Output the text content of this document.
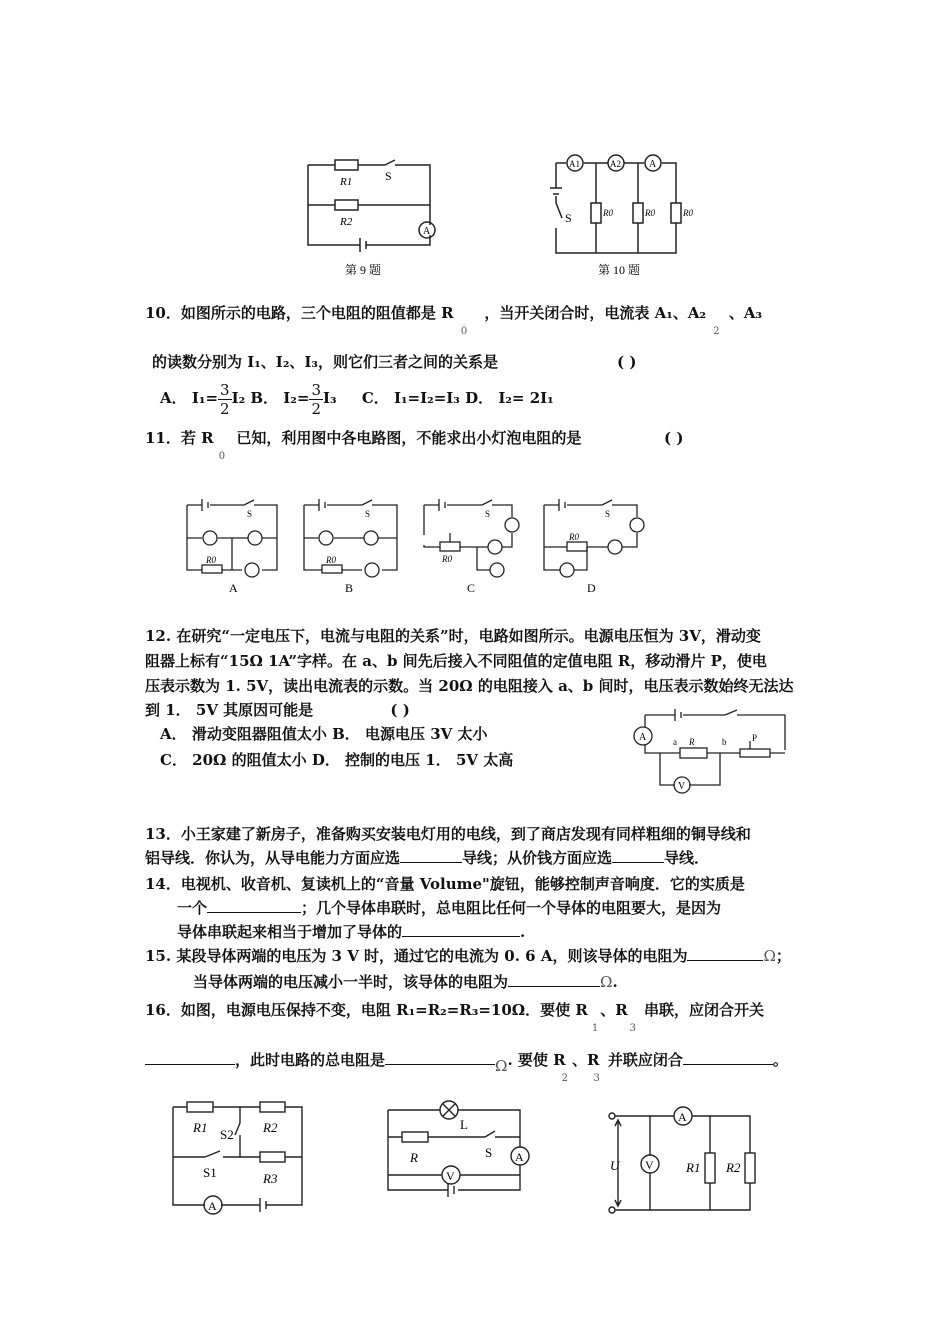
R1	S
R2
A
第 9 题
A1	A2	A
S	R0	R0	R0
第 10 题
10．如图所示的电路，三个电阻的阻值都是 R $_0$ ，当开关闭合时，电流表 A₁、A₂ $_2$ 、A₃
的读数分别为 I₁、I₂、I₃，则它们三者之间的关系是	( )
A． $I_1= \frac{3}{2} I_2$ B． $I_2= \frac{3}{2} I_3$ C． I₁=I₂=I₃ D． I₂= 2I₁
11．若 R $_0$ 已知，利用图中各电路图，不能求出小灯泡电阻的是	( )
S
R0
S
R0
S
R0
S
R0
A	B	C	D
12. 在研究“一定电压下，电流与电阻的关系”时，电路如图所示。电源电压恒为 3V，滑动变
阻器上标有“15Ω 1A”字样。在 a、b 间先后接入不同阻值的定值电阻 R，移动滑片 P，使电
压表示数为 1. 5V，读出电流表的示数。当 20Ω 的电阻接入 a、b 间时，电压表示数始终无法达
到 1． 5V 其原因可能是	( )
A． 滑动变阻器阻值太小 B． 电源电压 3V 太小
C． 20Ω 的阻值太小 D． 控制的电压 1． 5V 太高
A
V
R
a	b	P
13．小王家建了新房子，准备购买安装电灯用的电线，到了商店发现有同样粗细的铜导线和
铝导线．你认为，从导电能力方面应选	导线；从价钱方面应选	导线．
14．电视机、收音机、复读机上的“音量 Volume"旋钮，能够控制声音响度．它的实质是
一个	；几个导体串联时，总电阻比任何一个导体的电阻要大，是因为
导体串联起来相当于增加了导体的	.
15. 某段导体两端的电压为 3 V 时，通过它的电流为 0. 6 A，则该导体的电阻为	Ω；
当导体两端的电压减小一半时，该导体的电阻为	Ω.
16．如图，电源电压保持不变，电阻 R₁=R₂=R₃=10Ω．要使 $R_1$、$R_3$串联，应闭合开关
，此时电路的总电阻是	Ω. 要使 $R_2$、$R_3$并联应闭合	。
R1 S2 R2
S1	R3
A
L
R	S A
V
A
V
U	R1 R2
